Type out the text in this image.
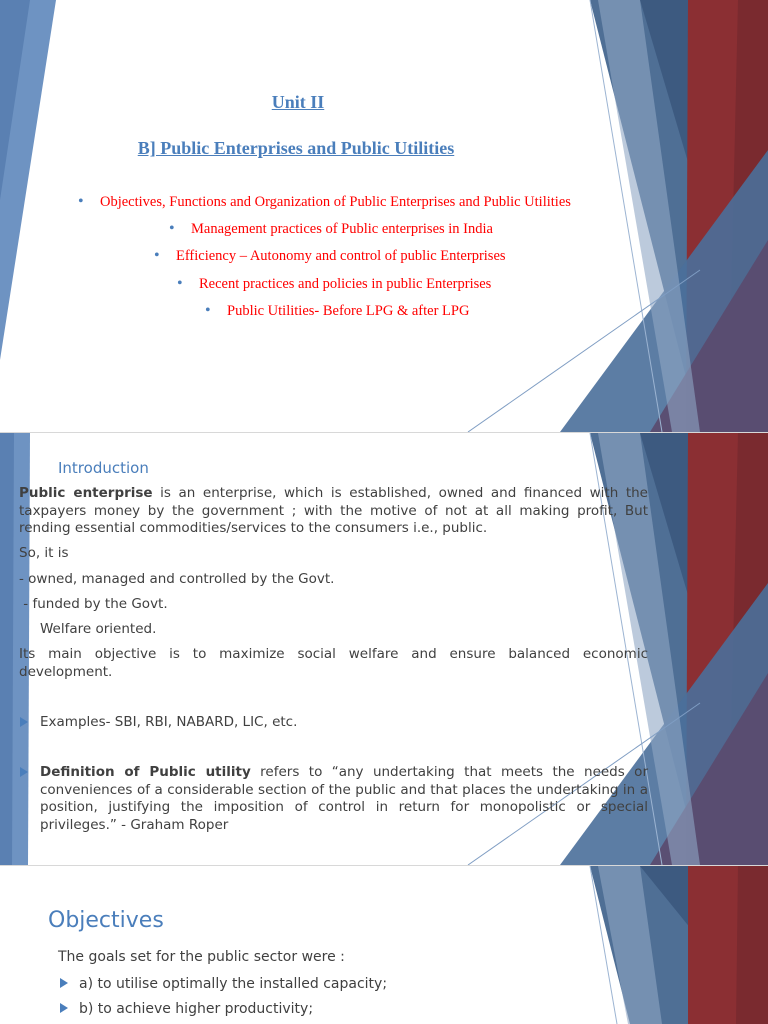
Unit II
B] Public Enterprises and Public Utilities
• Objectives, Functions and Organization of Public Enterprises and Public Utilities
• Management practices of Public enterprises in India
• Efficiency – Autonomy and control of public Enterprises
• Recent practices and policies in public Enterprises
• Public Utilities- Before LPG & after LPG
Introduction
Public enterprise is an enterprise, which is established, owned and financed with the taxpayers money by the government ; with the motive of not at all making profit, But rending essential commodities/services to the consumers i.e., public.
So, it is
- owned, managed and controlled by the Govt.
- funded by the Govt.
Welfare oriented.
Its main objective is to maximize social welfare and ensure balanced economic development.
Examples- SBI, RBI, NABARD, LIC, etc.
Definition of Public utility refers to “any undertaking that meets the needs or conveniences of a considerable section of the public and that places the undertaking in a position, justifying the imposition of control in return for monopolistic or special privileges.” - Graham Roper
Objectives
The goals set for the public sector were :
a) to utilise optimally the installed capacity;
b) to achieve higher productivity;
